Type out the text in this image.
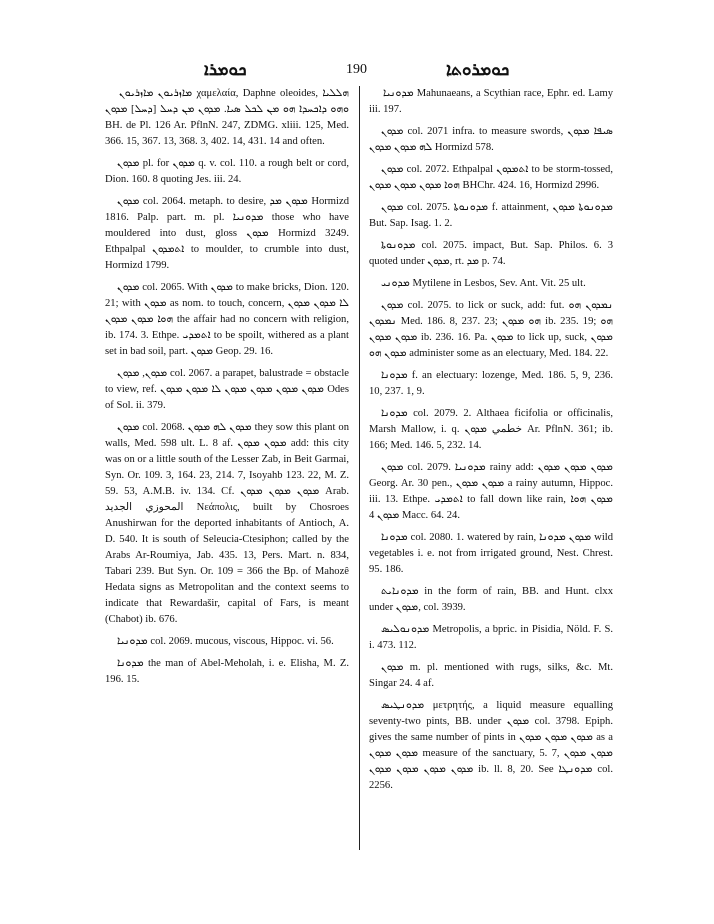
ܟܘܡܪܐ	190	ܟܘܡܪܘܬܐ

ܡܐܙܪܝܘܢ ܡܐܙܪܝܘܢ χαμελαία, Daphne oleoides, ܗܠܠܝܐ ܘܗܘ ܕܐܟܚܕܐ ܗܘ ܡܢ ܠܟܠ ܣܝܐ. ܡܕܘܢ ܡܢ ܕܚܠ [ܕܚܠ] ܡܕܘܢ BH. de Pl. 126 Ar. PflnN. 247, ZDMG. xliii. 125, Med. 366. 15, 367. 13, 368. 3, 402. 14, 431. 14 and often.

ܡܕܘܢ pl. for ܡܕܘܢ q. v. col. 110. a rough belt or cord, Dion. 160. 8 quoting Jes. iii. 24.

ܡܕܘܢ col. 2064. metaph. to desire, ܡܕܘܢ ܡܕ Hormizd 1816. Palp. part. m. pl. ܡܕܘܢܝܐ those who have mouldered into dust, gloss ܡܕܘܢ Hormizd 3249. Ethpalpal ܐܬܡܕܘܢ to moulder, to crumble into dust, Hormizd 1799.

ܡܕܘܢ col. 2065. With ܡܕܘܢ to make bricks, Dion. 120. 21; with ܡܕܘܢ as nom. to touch, concern, ܠܐ ܡܕܘܢ ܡܕܘܢ ܗܘܐ ܡܕܘܢ ܡܕܘܢ the affair had no concern with religion, ib. 174. 3. Ethpe. ܐܬܡܕܝ to be spoilt, withered as a plant set in bad soil, part. ܡܕܘܢ Geop. 29. 16.

ܡܕܘܢ, ܡܕܘܢ col. 2067. a parapet, balustrade = obstacle to view, ref. ܡܕܘܢ ܡܕܘܢ ܡܕܘܢ ܡܕܘܢ ܠܐ ܡܕܘܢ ܡܕܘܢ Odes of Sol. ii. 379.

ܡܕܘܢ col. 2068. ܡܕܘܢ ܠܗ ܡܕܘܢ they sow this plant on walls, Med. 598 ult. L. 8 af. ܡܕܘܢ ܡܕܘܢ add: this city was on or a little south of the Lesser Zab, in Beit Garmai, Syn. Or. 109. 3, 164. 23, 214. 7, Isoyahb 123. 22, M. Z. 59. 53, A.M.B. iv. 134. Cf. ܡܕܘܢ ܡܕܘܢ ܡܕܘܢ Arab. المحوزي الجديد Νεάπολις, built by Chosroes Anushirwan for the deported inhabitants of Antioch, A. D. 540. It is south of Seleucia-Ctesiphon; called by the Arabs Ar-Roumiya, Jab. 435. 13, Pers. Mart. n. 834, Tabari 239. But Syn. Or. 109 = 366 the Bp. of Mahozê Hedata signs as Metropolitan and the context seems to indicate that Rewardašir, capital of Fars, is meant (Chabot) ib. 676.

ܡܕܘܢܝܐ col. 2069. mucous, viscous, Hippoc. vi. 56.

ܡܕܘܢܐ the man of Abel-Meholah, i. e. Elisha, M. Z. 196. 15.

ܡܕܘܢܝܐ Mahunaeans, a Scythian race, Ephr. ed. Lamy iii. 197.

ܡܕܘܢ col. 2071 infra. to measure swords, ܣܝܦܐ ܡܕܘܢ ܠܗ ܡܕܘܢ ܡܕܘܢ Hormizd 578.

ܡܕܘܢ col. 2072. Ethpalpal ܐܬܡܕܘܢ to be storm-tossed, ܗܘܐ ܡܕܘܢ ܡܕܘܢ ܡܕܘܢ BHChr. 424. 16, Hormizd 2996.

ܡܕܘܢ col. 2075. ܡܕܘܢܘܬܐ f. attainment, ܡܕܘܢܘܬܐ ܡܕܘܢ But. Sap. Isag. 1. 2.

ܡܕܘܢܘܬܐ col. 2075. impact, But. Sap. Philos. 6. 3 quoted under ܡܕܘܢ, rt. ܡܕ p. 74.

ܡܕܘܢܝ Mytilene in Lesbos, Sev. Ant. Vit. 25 ult.

ܡܕܘܢ col. 2075. to lick or suck, add: fut. ܢܡܕܘܢ ܗܘ ܢܡܕܘܢ Med. 186. 8, 237. 23; ܗܘ ܡܕܘܢ ib. 235. 19; ܗܘ ܡܕܘܢ ܡܕܘܢ ib. 236. 16. Pa. ܡܕܘܢ to lick up, suck, ܡܕܘܢ ܡܕܘܢ ܗܘ administer some as an electuary, Med. 184. 22.

ܡܕܘܢܐ f. an electuary: lozenge, Med. 186. 5, 9, 236. 10, 237. 1, 9.

ܡܕܘܢܐ col. 2079. 2. Althaea ficifolia or officinalis, Marsh Mallow, i. q. خطمي ܡܕܘܢ Ar. PflnN. 361; ib. 166; Med. 146. 5, 232. 14.

ܡܕܘܢ col. 2079. ܡܕܘܢܝܐ rainy add: ܡܕܘܢ ܡܕܘܢ ܡܕܘܢ Georg. Ar. 30 pen., ܡܕܘܢ ܡܕܘܢ a rainy autumn, Hippoc. iii. 13. Ethpe. ܐܬܡܕܝ to fall down like rain, ܡܕܘܢ ܗܘܐ ܡܕܘܢ 4 Macc. 64. 24.

ܡܕܘܢܐ col. 2080. 1. watered by rain, ܡܕܘܢ ܡܕܘܢܐ wild vegetables i. e. not from irrigated ground, Nest. Chrest. 95. 186.

ܡܕܘܢܐܝܬ in the form of rain, BB. and Hunt. clxx under ܡܕܘܢ, col. 3939.

ܡܕܘܢܘܠܝܣ Metropolis, a bpric. in Pisidia, Nöld. F. S. i. 473. 112.

ܡܕܘܢ m. pl. mentioned with rugs, silks, &c. Mt. Singar 24. 4 af.

ܡܕܘܢܛܝܣ μετρητής, a liquid measure equalling seventy-two pints, BB. under ܡܕܘܢ col. 3798. Epiph. gives the same number of pints in ܡܕܘܢ ܡܕܘܢ ܡܕܘܢ as a ܡܕܘܢ ܡܕܘܢ measure of the sanctuary, 5. 7, ܡܕܘܢ ܡܕܘܢ ܡܕܘܢ ܡܕܘܢ ܡܕܘܢ ܡܕܘܢ ib. ll. 8, 20. See ܡܕܘܢܛܐ col. 2256.
